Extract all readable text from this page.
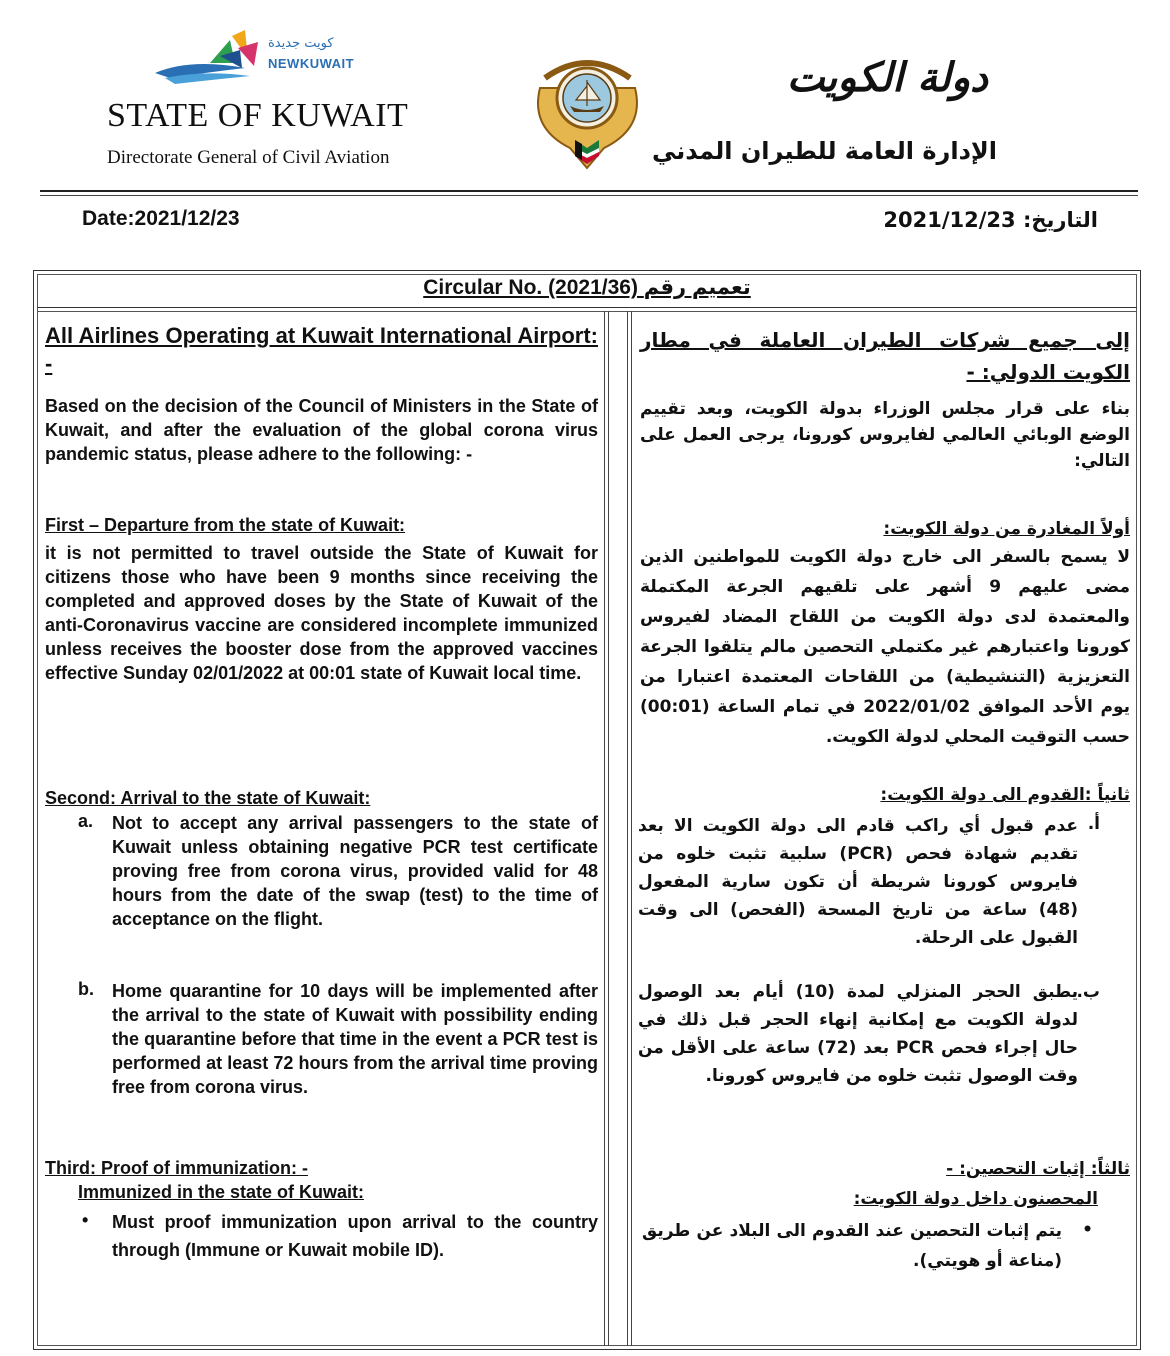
كويت جديدة
NEWKUWAIT
STATE OF KUWAIT
Directorate General of Civil Aviation
دولة الكويت
الإدارة العامة للطيران المدني
Date:2021/12/23	التاريخ: 2021/12/23
Circular No. (2021/36) تعميم رقم
All Airlines Operating at Kuwait International Airport: -
Based on the decision of the Council of Ministers in the State of Kuwait, and after the evaluation of the global corona virus pandemic status, please adhere to the following: -
First – Departure from the state of Kuwait:
it is not permitted to travel outside the State of Kuwait for citizens those who have been 9 months since receiving the completed and approved doses by the State of Kuwait of the anti-Coronavirus vaccine are considered incomplete immunized unless receives the booster dose from the approved vaccines effective Sunday 02/01/2022 at 00:01 state of Kuwait local time.
Second: Arrival to the state of Kuwait:
a. Not to accept any arrival passengers to the state of Kuwait unless obtaining negative PCR test certificate proving free from corona virus, provided valid for 48 hours from the date of the swap (test) to the time of acceptance on the flight.
b. Home quarantine for 10 days will be implemented after the arrival to the state of Kuwait with possibility ending the quarantine before that time in the event a PCR test is performed at least 72 hours from the arrival time proving free from corona virus.
Third: Proof of immunization: -
Immunized in the state of Kuwait:
• Must proof immunization upon arrival to the country through (Immune or Kuwait mobile ID).
إلى جميع شركات الطيران العاملة في مطار الكويت الدولي: -
بناء على قرار مجلس الوزراء بدولة الكويت، وبعد تقييم الوضع الوبائي العالمي لفايروس كورونا، يرجى العمل على التالي:
أولاً المغادرة من دولة الكويت:
لا يسمح بالسفر الى خارج دولة الكويت للمواطنين الذين مضى عليهم 9 أشهر على تلقيهم الجرعة المكتملة والمعتمدة لدى دولة الكويت من اللقاح المضاد لفيروس كورونا واعتبارهم غير مكتملي التحصين مالم يتلقوا الجرعة التعزيزية (التنشيطية) من اللقاحات المعتمدة اعتبارا من يوم الأحد الموافق 2022/01/02 في تمام الساعة (00:01) حسب التوقيت المحلي لدولة الكويت.
ثانياً :القدوم الى دولة الكويت:
أ.
عدم قبول أي راكب قادم الى دولة الكويت الا بعد تقديم شهادة فحص (PCR) سلبية تثبت خلوه من فايروس كورونا شريطة أن تكون سارية المفعول (48) ساعة من تاريخ المسحة (الفحص) الى وقت القبول على الرحلة.
ب.
يطبق الحجر المنزلي لمدة (10) أيام بعد الوصول لدولة الكويت مع إمكانية إنهاء الحجر قبل ذلك في حال إجراء فحص PCR بعد (72) ساعة على الأقل من وقت الوصول تثبت خلوه من فايروس كورونا.
ثالثاً: إثبات التحصين: -
المحصنون داخل دولة الكويت:
•
يتم إثبات التحصين عند القدوم الى البلاد عن طريق (مناعة أو هويتي).
